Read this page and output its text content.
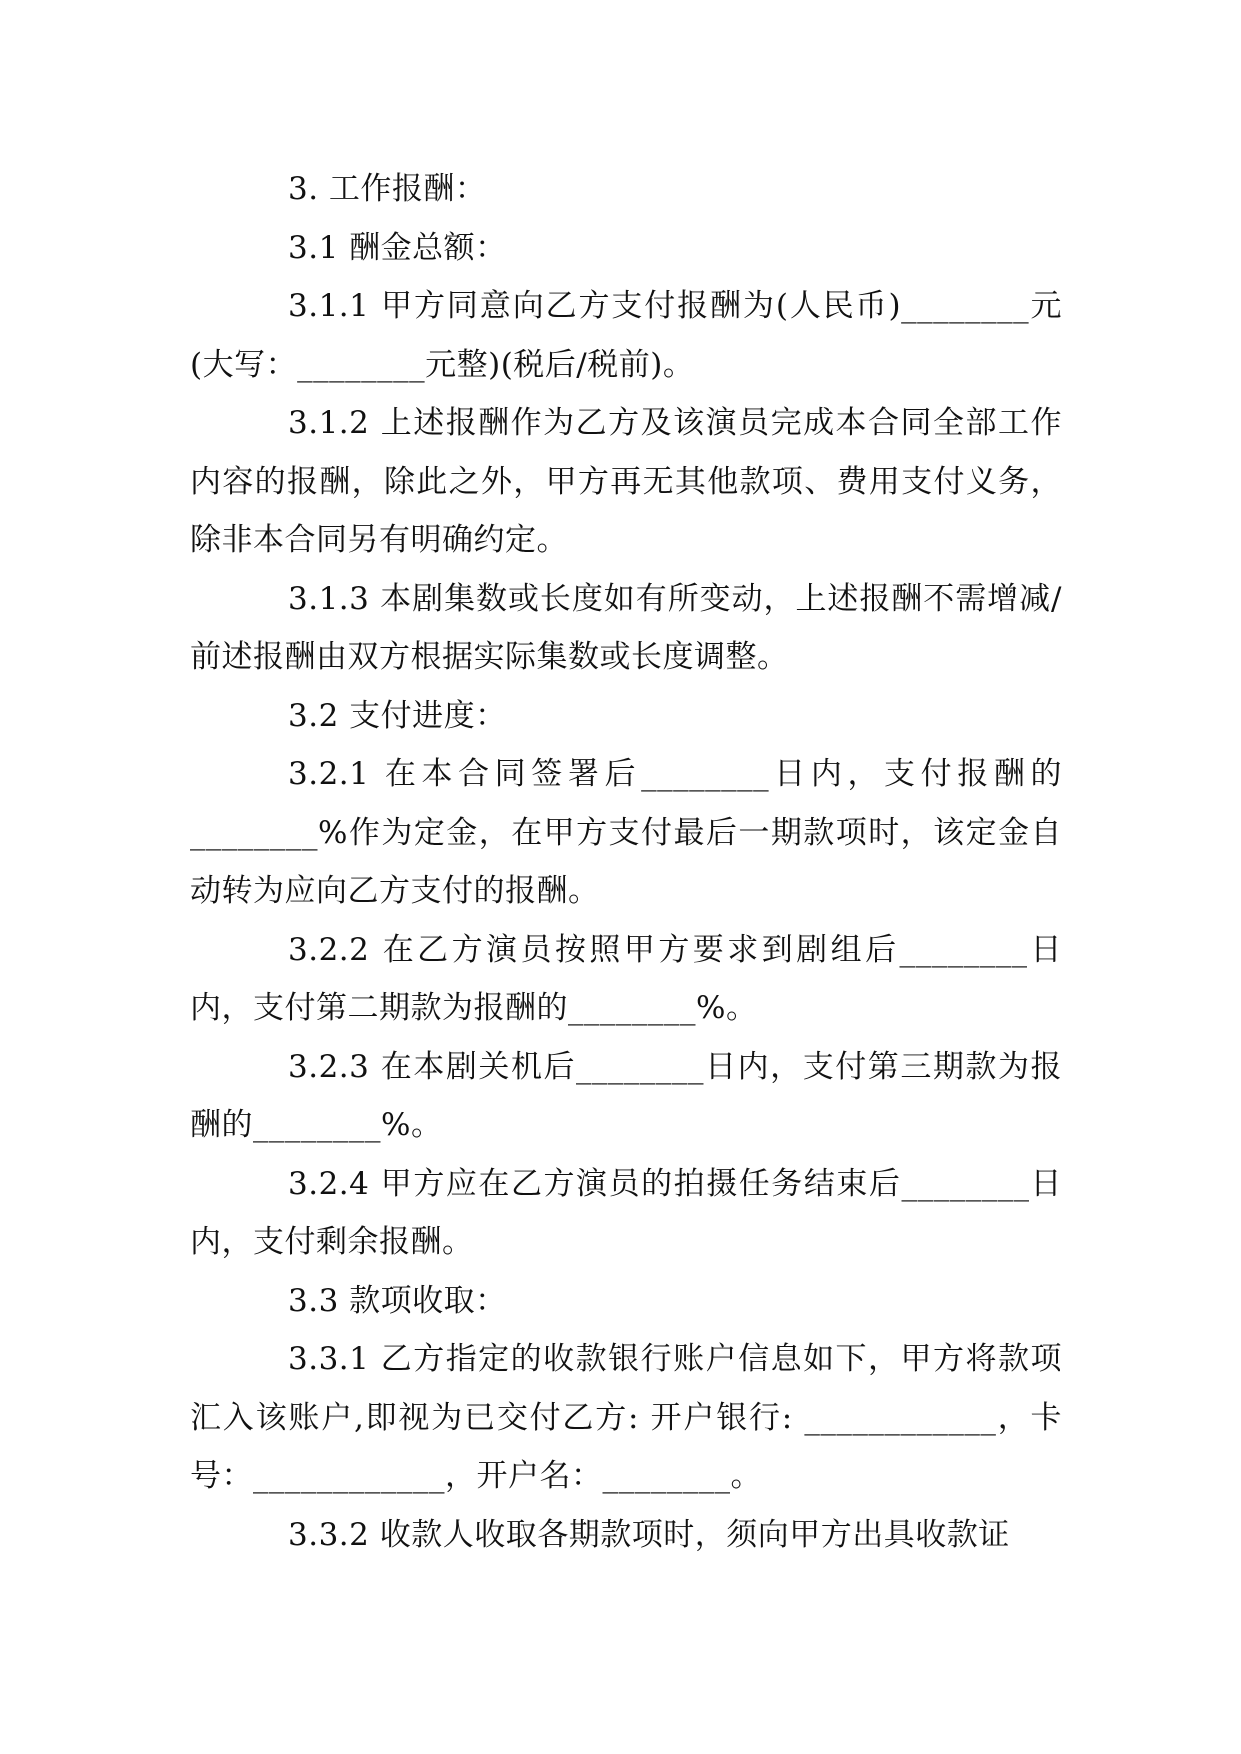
3. 工作报酬：

3.1 酬金总额：

3.1.1 甲方同意向乙方支付报酬为(人民币)________元(大写：________元整)(税后/税前)。

3.1.2 上述报酬作为乙方及该演员完成本合同全部工作内容的报酬，除此之外，甲方再无其他款项、费用支付义务，除非本合同另有明确约定。

3.1.3 本剧集数或长度如有所变动，上述报酬不需增减/前述报酬由双方根据实际集数或长度调整。

3.2 支付进度：

3.2.1 在本合同签署后________日内，支付报酬的________%作为定金，在甲方支付最后一期款项时，该定金自动转为应向乙方支付的报酬。

3.2.2 在乙方演员按照甲方要求到剧组后________日内，支付第二期款为报酬的________%。

3.2.3 在本剧关机后________日内，支付第三期款为报酬的________%。

3.2.4 甲方应在乙方演员的拍摄任务结束后________日内，支付剩余报酬。

3.3 款项收取：

3.3.1 乙方指定的收款银行账户信息如下，甲方将款项汇入该账户,即视为已交付乙方: 开户银行: ____________，卡号：____________，开户名：________。

3.3.2 收款人收取各期款项时，须向甲方出具收款证
